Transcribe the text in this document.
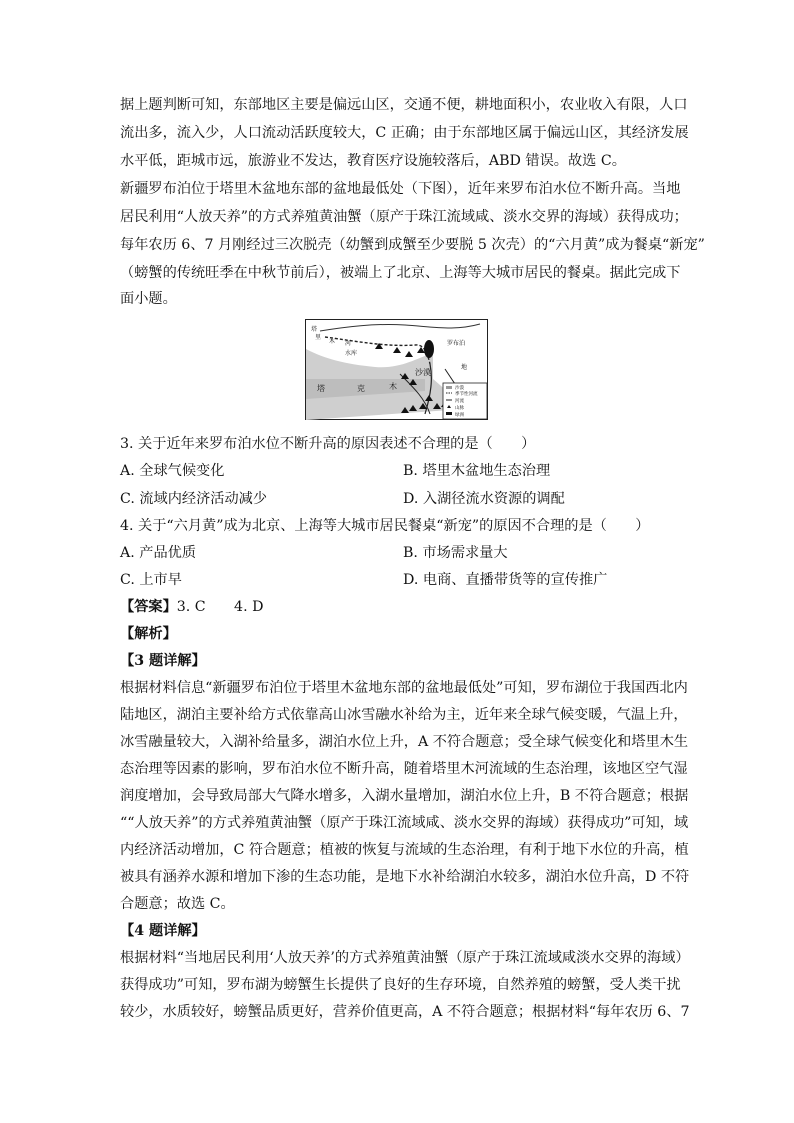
据上题判断可知，东部地区主要是偏远山区，交通不便，耕地面积小，农业收入有限，人口
流出多，流入少，人口流动活跃度较大，C 正确；由于东部地区属于偏远山区，其经济发展
水平低，距城市远，旅游业不发达，教育医疗设施较落后，ABD 错误。故选 C。
新疆罗布泊位于塔里木盆地东部的盆地最低处（下图），近年来罗布泊水位不断升高。当地
居民利用“人放天养”的方式养殖黄油蟹（原产于珠江流域咸、淡水交界的海域）获得成功；
每年农历 6、7 月刚经过三次脱壳（幼蟹到成蟹至少要脱 5 次壳）的“六月黄”成为餐桌“新宠”
（螃蟹的传统旺季在中秋节前后），被端上了北京、上海等大城市居民的餐桌。据此完成下
面小题。
塔
里
木 河
水库
罗布泊
地
塔	克	木
沙漠
沙漠
季节性河流
河流
山脉
绿洲
3. 关于近年来罗布泊水位不断升高的原因表述不合理的是（　　）
A. 全球气候变化	B. 塔里木盆地生态治理
C. 流域内经济活动减少	D. 入湖径流水资源的调配
4. 关于“六月黄”成为北京、上海等大城市居民餐桌“新宠”的原因不合理的是（　　）
A. 产品优质	B. 市场需求量大
C. 上市早	D. 电商、直播带货等的宣传推广
【答案】3. C　　4. D
【解析】
【3 题详解】
根据材料信息“新疆罗布泊位于塔里木盆地东部的盆地最低处”可知，罗布湖位于我国西北内
陆地区，湖泊主要补给方式依靠高山冰雪融水补给为主，近年来全球气候变暖，气温上升，
冰雪融量较大，入湖补给量多，湖泊水位上升，A 不符合题意；受全球气候变化和塔里木生
态治理等因素的影响，罗布泊水位不断升高，随着塔里木河流域的生态治理，该地区空气湿
润度增加，会导致局部大气降水增多，入湖水量增加，湖泊水位上升，B 不符合题意；根据
““人放天养”的方式养殖黄油蟹（原产于珠江流域咸、淡水交界的海域）获得成功”可知，域
内经济活动增加，C 符合题意；植被的恢复与流域的生态治理，有利于地下水位的升高，植
被具有涵养水源和增加下渗的生态功能，是地下水补给湖泊水较多，湖泊水位升高，D 不符
合题意；故选 C。
【4 题详解】
根据材料“当地居民利用‘人放天养’的方式养殖黄油蟹（原产于珠江流域咸淡水交界的海域）
获得成功”可知，罗布湖为螃蟹生长提供了良好的生存环境，自然养殖的螃蟹，受人类干扰
较少，水质较好，螃蟹品质更好，营养价值更高，A 不符合题意；根据材料“每年农历 6、7
